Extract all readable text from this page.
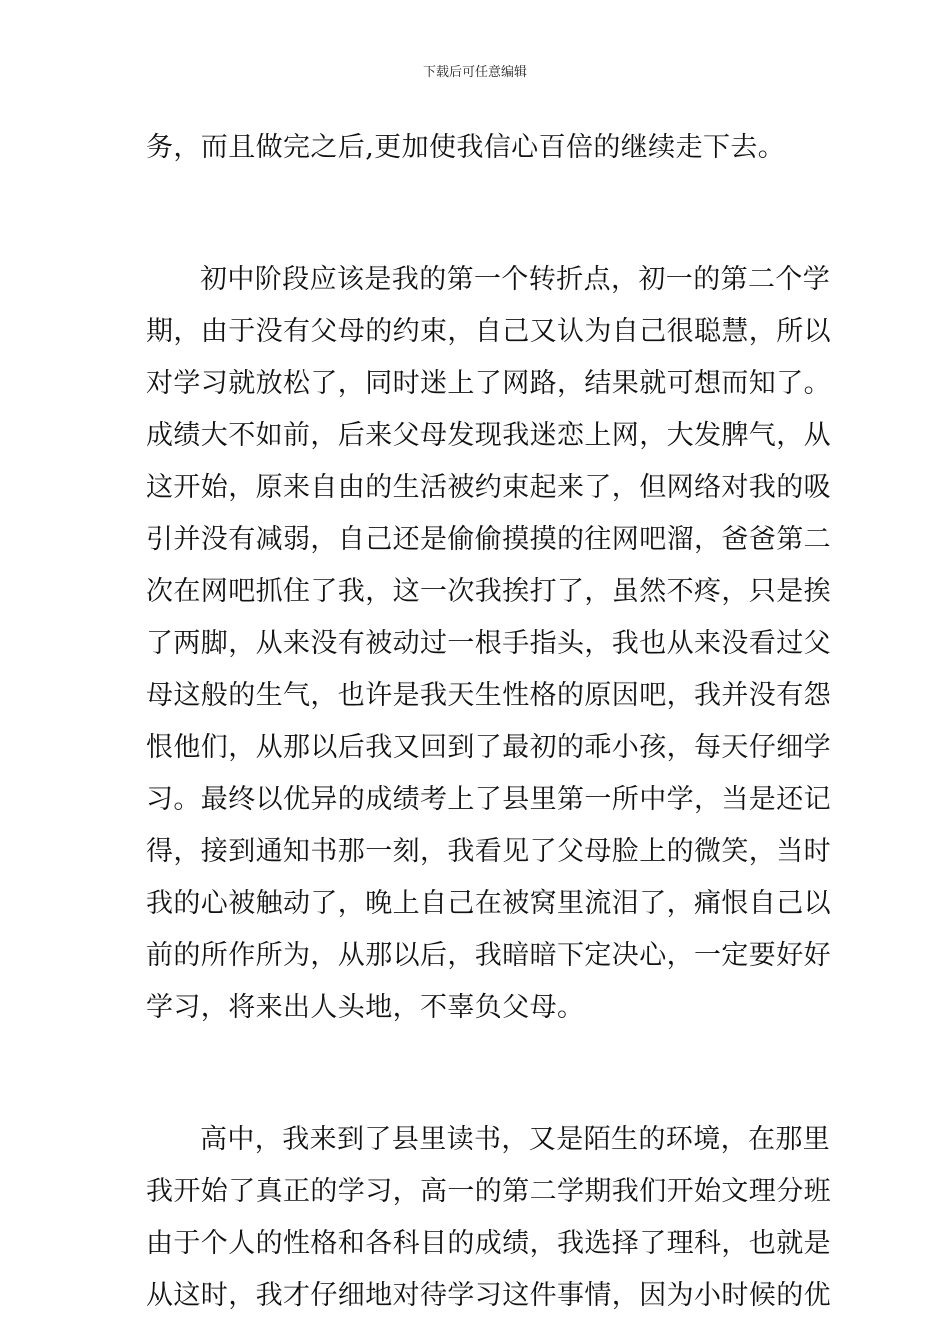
下载后可任意编辑
务，而且做完之后,更加使我信心百倍的继续走下去。
初中阶段应该是我的第一个转折点，初一的第二个学
期，由于没有父母的约束，自己又认为自己很聪慧，所以
对学习就放松了，同时迷上了网路，结果就可想而知了。
成绩大不如前，后来父母发现我迷恋上网，大发脾气，从
这开始，原来自由的生活被约束起来了，但网络对我的吸
引并没有减弱，自己还是偷偷摸摸的往网吧溜，爸爸第二
次在网吧抓住了我，这一次我挨打了，虽然不疼，只是挨
了两脚，从来没有被动过一根手指头，我也从来没看过父
母这般的生气，也许是我天生性格的原因吧，我并没有怨
恨他们，从那以后我又回到了最初的乖小孩，每天仔细学
习。最终以优异的成绩考上了县里第一所中学，当是还记
得，接到通知书那一刻，我看见了父母脸上的微笑，当时
我的心被触动了，晚上自己在被窝里流泪了，痛恨自己以
前的所作所为，从那以后，我暗暗下定决心，一定要好好
学习，将来出人头地，不辜负父母。
高中，我来到了县里读书，又是陌生的环境，在那里
我开始了真正的学习，高一的第二学期我们开始文理分班
由于个人的性格和各科目的成绩，我选择了理科，也就是
从这时，我才仔细地对待学习这件事情，因为小时候的优
